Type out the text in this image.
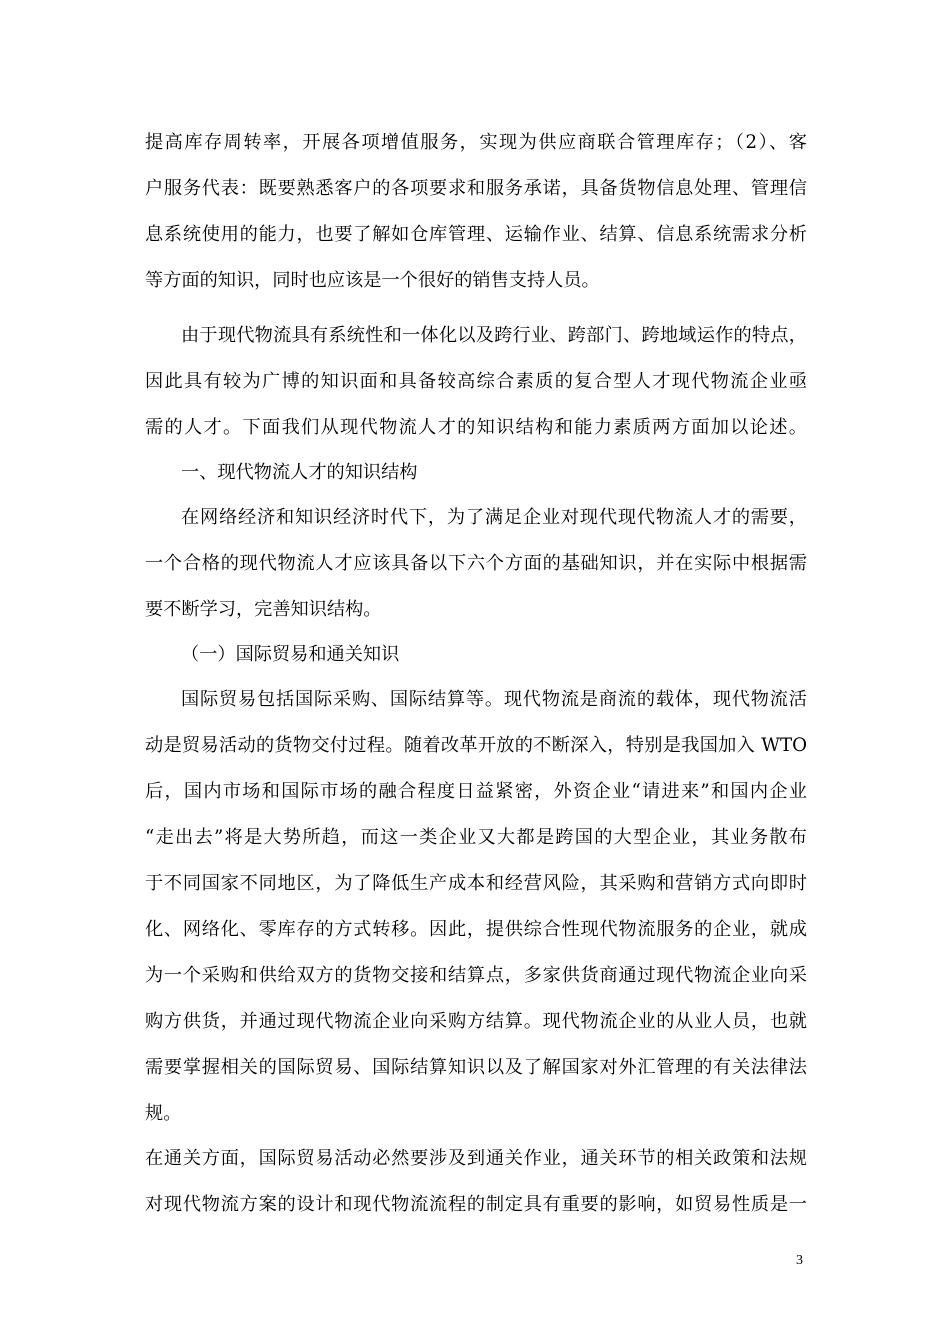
提高库存周转率，开展各项增值服务，实现为供应商联合管理库存；（2）、客
户服务代表：既要熟悉客户的各项要求和服务承诺，具备货物信息处理、管理信
息系统使用的能力，也要了解如仓库管理、运输作业、结算、信息系统需求分析
等方面的知识，同时也应该是一个很好的销售支持人员。
由于现代物流具有系统性和一体化以及跨行业、跨部门、跨地域运作的特点，
因此具有较为广博的知识面和具备较高综合素质的复合型人才现代物流企业亟
需的人才。下面我们从现代物流人才的知识结构和能力素质两方面加以论述。
一、现代物流人才的知识结构
在网络经济和知识经济时代下，为了满足企业对现代现代物流人才的需要，
一个合格的现代物流人才应该具备以下六个方面的基础知识，并在实际中根据需
要不断学习，完善知识结构。
（一）国际贸易和通关知识
国际贸易包括国际采购、国际结算等。现代物流是商流的载体，现代物流活
动是贸易活动的货物交付过程。随着改革开放的不断深入，特别是我国加入 WTO
后，国内市场和国际市场的融合程度日益紧密，外资企业“请进来”和国内企业
“走出去”将是大势所趋，而这一类企业又大都是跨国的大型企业，其业务散布
于不同国家不同地区，为了降低生产成本和经营风险，其采购和营销方式向即时
化、网络化、零库存的方式转移。因此，提供综合性现代物流服务的企业，就成
为一个采购和供给双方的货物交接和结算点，多家供货商通过现代物流企业向采
购方供货，并通过现代物流企业向采购方结算。现代物流企业的从业人员，也就
需要掌握相关的国际贸易、国际结算知识以及了解国家对外汇管理的有关法律法
规。
在通关方面，国际贸易活动必然要涉及到通关作业，通关环节的相关政策和法规
对现代物流方案的设计和现代物流流程的制定具有重要的影响，如贸易性质是一
3
